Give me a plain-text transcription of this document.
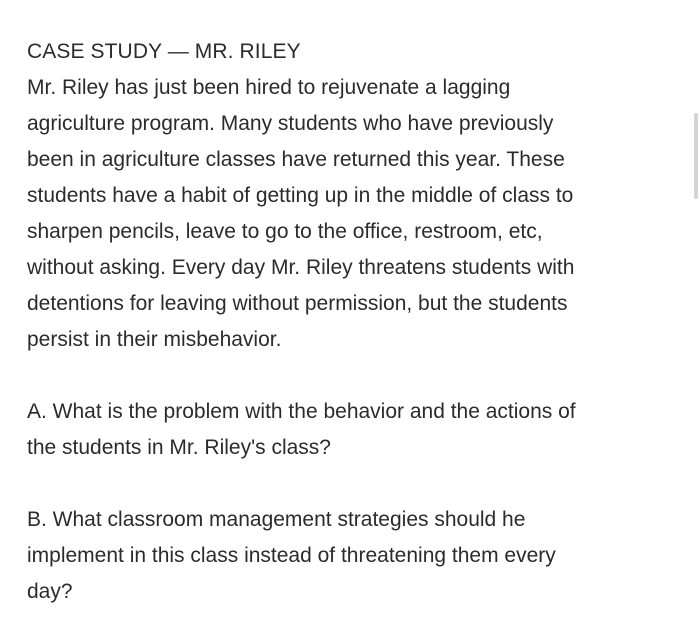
CASE STUDY — MR. RILEY

Mr. Riley has just been hired to rejuvenate a lagging

agriculture program. Many students who have previously

been in agriculture classes have returned this year. These

students have a habit of getting up in the middle of class to

sharpen pencils, leave to go to the office, restroom, etc,

without asking. Every day Mr. Riley threatens students with

detentions for leaving without permission, but the students

persist in their misbehavior.

A. What is the problem with the behavior and the actions of

the students in Mr. Riley's class?

B. What classroom management strategies should he

implement in this class instead of threatening them every

day?
